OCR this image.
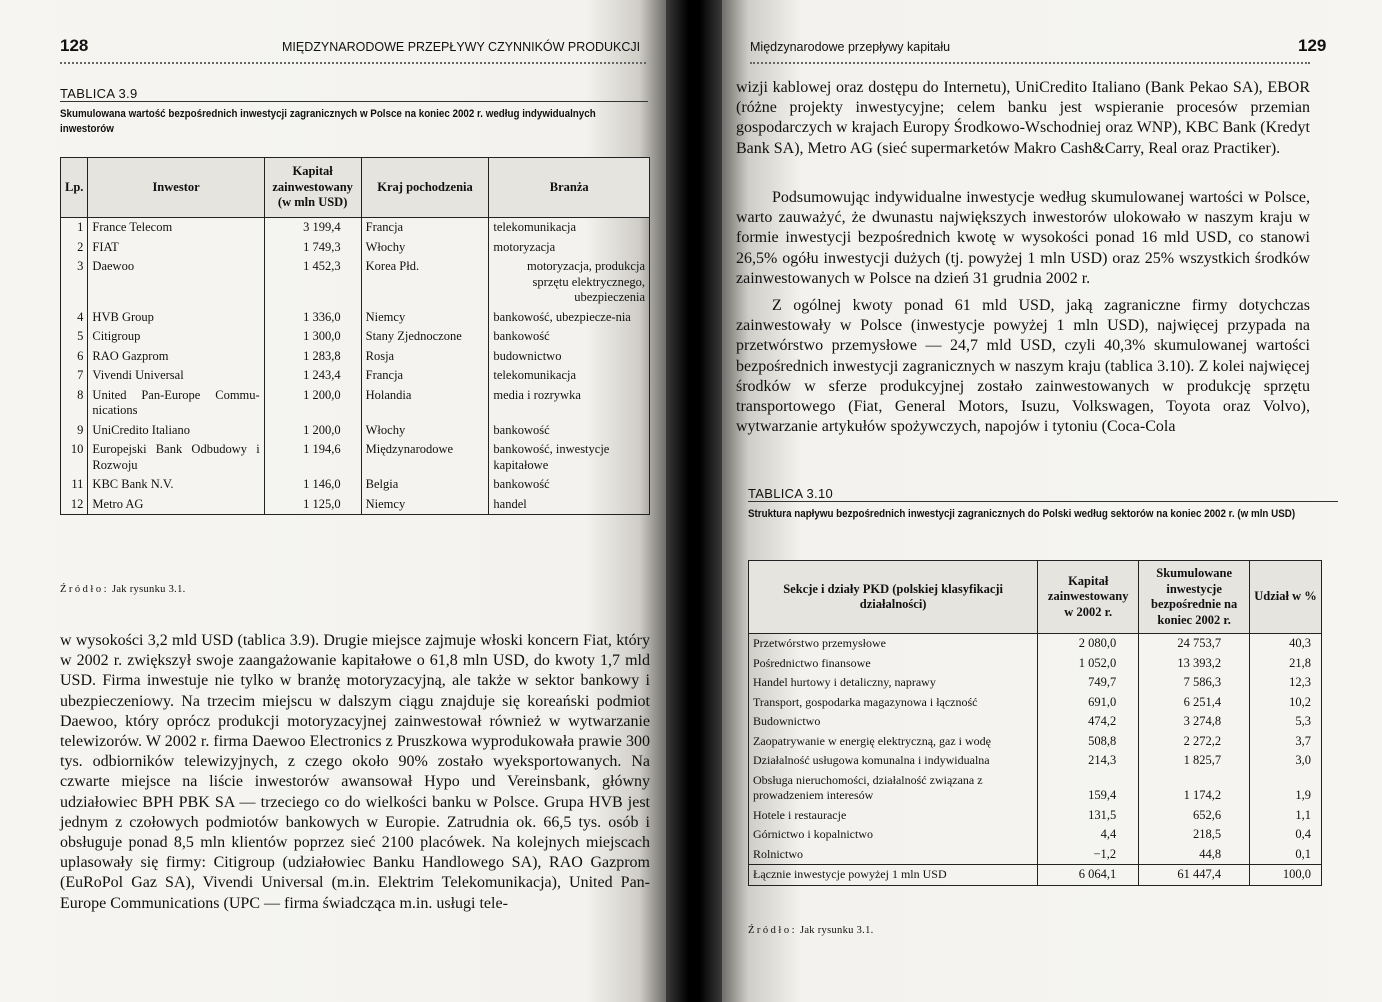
128	MIĘDZYNARODOWE PRZEPŁYWY CZYNNIKÓW PRODUKCJI
TABLICA 3.9
Skumulowana wartość bezpośrednich inwestycji zagranicznych w Polsce na koniec 2002 r. według indywidualnych inwestorów
Lp.	Inwestor	Kapitał zainwestowany (w mln USD)	Kraj pochodzenia	Branża
1	France Telecom	3 199,4	Francja	telekomunikacja
2	FIAT	1 749,3	Włochy	motoryzacja
3	Daewoo	1 452,3	Korea Płd.	motoryzacja, produkcja sprzętu elektrycznego, ubezpieczenia
4	HVB Group	1 336,0	Niemcy	bankowość, ubezpiecze-nia
5	Citigroup	1 300,0	Stany Zjednoczone	bankowość
6	RAO Gazprom	1 283,8	Rosja	budownictwo
7	Vivendi Universal	1 243,4	Francja	telekomunikacja
8	United Pan-Europe Commu-nications	1 200,0	Holandia	media i rozrywka
9	UniCredito Italiano	1 200,0	Włochy	bankowość
10	Europejski Bank Odbudowy i Rozwoju	1 194,6	Międzynarodowe	bankowość, inwestycje kapitałowe
11	KBC Bank N.V.	1 146,0	Belgia	bankowość
12	Metro AG	1 125,0	Niemcy	handel
Źródło: Jak rysunku 3.1.

w wysokości 3,2 mld USD (tablica 3.9). Drugie miejsce zajmuje włoski koncern Fiat, który w 2002 r. zwiększył swoje zaangażowanie kapitałowe o 61,8 mln USD, do kwoty 1,7 mld USD. Firma inwestuje nie tylko w branżę motoryzacyjną, ale także w sektor bankowy i ubezpieczeniowy. Na trzecim miejscu w dalszym ciągu znajduje się koreański podmiot Daewoo, który oprócz produkcji motoryzacyjnej zainwestował również w wytwarzanie telewizorów. W 2002 r. firma Daewoo Electronics z Pruszkowa wyprodukowała prawie 300 tys. odbiorników telewizyjnych, z czego około 90% zostało wyeksportowanych. Na czwarte miejsce na liście inwestorów awansował Hypo und Vereinsbank, główny udziałowiec BPH PBK SA — trzeciego co do wielkości banku w Polsce. Grupa HVB jest jednym z czołowych podmiotów bankowych w Europie. Zatrudnia ok. 66,5 tys. osób i obsługuje ponad 8,5 mln klientów poprzez sieć 2100 placówek. Na kolejnych miejscach uplasowały się firmy: Citigroup (udziałowiec Banku Handlowego SA), RAO Gazprom (EuRoPol Gaz SA), Vivendi Universal (m.in. Elektrim Telekomunikacja), United Pan-Europe Communications (UPC — firma świadcząca m.in. usługi tele-

Międzynarodowe przepływy kapitału	129

wizji kablowej oraz dostępu do Internetu), UniCredito Italiano (Bank Pekao SA), EBOR (różne projekty inwestycyjne; celem banku jest wspieranie procesów przemian gospodarczych w krajach Europy Środkowo-Wschodniej oraz WNP), KBC Bank (Kredyt Bank SA), Metro AG (sieć supermarketów Makro Cash&Carry, Real oraz Practiker).

Podsumowując indywidualne inwestycje według skumulowanej wartości w Polsce, warto zauważyć, że dwunastu największych inwestorów ulokowało w naszym kraju w formie inwestycji bezpośrednich kwotę w wysokości ponad 16 mld USD, co stanowi 26,5% ogółu inwestycji dużych (tj. powyżej 1 mln USD) oraz 25% wszystkich środków zainwestowanych w Polsce na dzień 31 grudnia 2002 r.

Z ogólnej kwoty ponad 61 mld USD, jaką zagraniczne firmy dotychczas zainwestowały w Polsce (inwestycje powyżej 1 mln USD), najwięcej przypada na przetwórstwo przemysłowe — 24,7 mld USD, czyli 40,3% skumulowanej wartości bezpośrednich inwestycji zagranicznych w naszym kraju (tablica 3.10). Z kolei najwięcej środków w sferze produkcyjnej zostało zainwestowanych w produkcję sprzętu transportowego (Fiat, General Motors, Isuzu, Volkswagen, Toyota oraz Volvo), wytwarzanie artykułów spożywczych, napojów i tytoniu (Coca-Cola

TABLICA 3.10
Struktura napływu bezpośrednich inwestycji zagranicznych do Polski według sektorów na koniec 2002 r. (w mln USD)
Sekcje i działy PKD (polskiej klasyfikacji działalności)	Kapitał zainwestowany w 2002 r.	Skumulowane inwestycje bezpośrednie na koniec 2002 r.	Udział w %
Przetwórstwo przemysłowe	2 080,0	24 753,7	40,3
Pośrednictwo finansowe	1 052,0	13 393,2	21,8
Handel hurtowy i detaliczny, naprawy	749,7	7 586,3	12,3
Transport, gospodarka magazynowa i łączność	691,0	6 251,4	10,2
Budownictwo	474,2	3 274,8	5,3
Zaopatrywanie w energię elektryczną, gaz i wodę	508,8	2 272,2	3,7
Działalność usługowa komunalna i indywidualna	214,3	1 825,7	3,0
Obsługa nieruchomości, działalność związana z prowadzeniem interesów	159,4	1 174,2	1,9
Hotele i restauracje	131,5	652,6	1,1
Górnictwo i kopalnictwo	4,4	218,5	0,4
Rolnictwo	−1,2	44,8	0,1
Łącznie inwestycje powyżej 1 mln USD	6 064,1	61 447,4	100,0
Źródło: Jak rysunku 3.1.
